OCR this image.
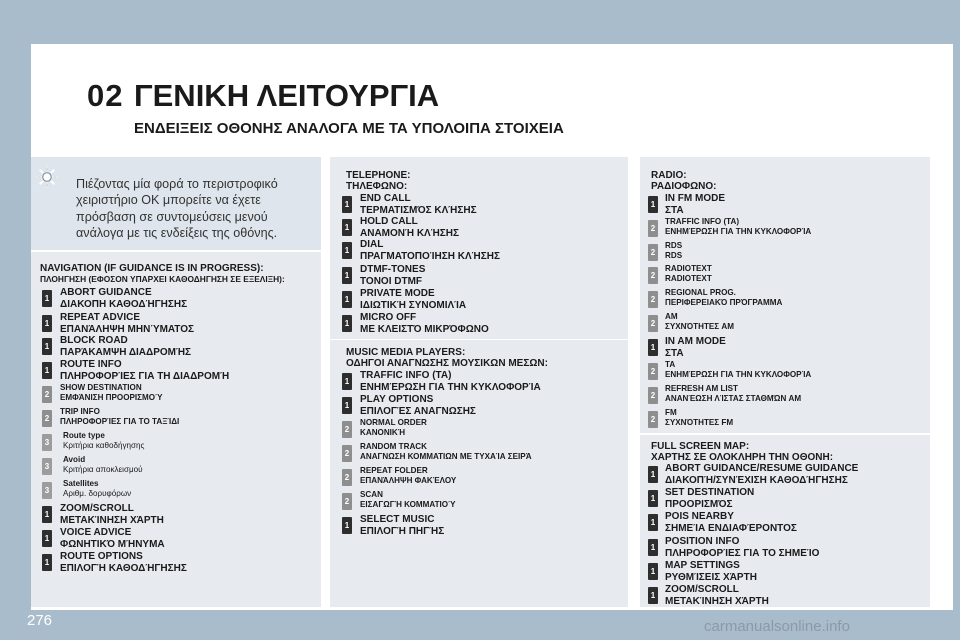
02 ΓΕΝΙΚΗ ΛΕΙΤΟΥΡΓΙΑ
ΕΝΔΕΙΞΕΙΣ ΟΘΟΝΗΣ ΑΝΑΛΟΓΑ ΜΕ ΤΑ ΥΠΟΛΟΙΠΑ ΣΤΟΙΧΕΙΑ
Πιέζοντας μία φορά το περιστροφικό
χειριστήριο OK μπορείτε να έχετε
πρόσβαση σε συντομεύσεις μενού
ανάλογα με τις ενδείξεις της οθόνης.
NAVIGATION (IF GUIDANCE IS IN PROGRESS):
ΠΛΟΗΓΗΣΗ (ΕΦΟΣΟΝ ΥΠΑΡΧΕΙ ΚΑΘΟΔΗΓΗΣΗ ΣΕ ΕΞΕΛΙΞΗ):
TELEPHONE:
ΤΗΛΕΦΩΝΟ:
MUSIC MEDIA PLAYERS:
ΟΔΗΓΟΙ ΑΝΑΓΝΩΣΗΣ ΜΟΥΣΙΚΩΝ ΜΕΣΩΝ:
RADIO:
ΡΑΔΙΟΦΩΝΟ:
FULL SCREEN MAP:
ΧΑΡΤΗΣ ΣΕ ΟΛΟΚΛΗΡΗ ΤΗΝ ΟΘΟΝΗ:
1
ABORT GUIDANCE
ΔΙΑΚΟΠΗ ΚΑΘΟΔΉΓΗΣΗΣ
1
REPEAT ADVICE
ΕΠΑΝΆΛΗΨΗ ΜΗΝΎΜΑΤΟΣ
1
BLOCK ROAD
ΠΑΡΆΚΑΜΨΗ ΔΙΑΔΡΟΜΉΣ
1
ROUTE INFO
ΠΛΗΡΟΦΟΡΊΕΣ ΓΙΑ ΤΗ ΔΙΑΔΡΟΜΉ
2
SHOW DESTINATION
ΕΜΦΆΝΙΣΗ ΠΡΟΟΡΙΣΜΟΎ
2
TRIP INFO
ΠΛΗΡΟΦΟΡΊΕΣ ΓΙΑ ΤΟ ΤΑΞΊΔΙ
3
Route type
Κριτήρια καθοδήγησης
3
Avoid
Κριτήρια αποκλεισμού
3
Satellites
Αριθμ. δορυφόρων
1
ZOOM/SCROLL
ΜΕΤΑΚΊΝΗΣΗ ΧΆΡΤΗ
1
VOICE ADVICE
ΦΩΝΗΤΙΚΌ ΜΉΝΥΜΑ
1
ROUTE OPTIONS
ΕΠΙΛΟΓΉ ΚΑΘΟΔΉΓΗΣΗΣ
1
END CALL
ΤΕΡΜΑΤΙΣΜΌΣ ΚΛΉΣΗΣ
1
HOLD CALL
ΑΝΑΜΟΝΉ ΚΛΉΣΗΣ
1
DIAL
ΠΡΑΓΜΑΤΟΠΟΊΗΣΗ ΚΛΉΣΗΣ
1
DTMF-TONES
ΤΟΝΟΙ DTMF
1
PRIVATE MODE
ΙΔΙΩΤΙΚΉ ΣΥΝΟΜΙΛΊΑ
1
MICRO OFF
ΜΕ ΚΛΕΙΣΤΌ ΜΙΚΡΌΦΩΝΟ
1
TRAFFIC INFO (TA)
ΕΝΗΜΈΡΩΣΗ ΓΙΑ ΤΗΝ ΚΥΚΛΟΦΟΡΊΑ
1
PLAY OPTIONS
ΕΠΙΛΟΓΈΣ ΑΝΑΓΝΩΣΗΣ
2
NORMAL ORDER
ΚΑΝΟΝΙΚΉ
2
RANDOM TRACK
ΑΝΑΓΝΩΣΗ ΚΟΜΜΑΤΙΩΝ ΜΕ ΤΥΧΑΊΑ ΣΕΙΡΆ
2
REPEAT FOLDER
ΕΠΑΝΆΛΗΨΗ ΦΑΚΈΛΟΥ
2
SCAN
ΕΙΣΑΓΩΓΉ ΚΟΜΜΑΤΙΟΎ
1
SELECT MUSIC
ΕΠΙΛΟΓΉ ΠΗΓΉΣ
1
IN FM MODE
ΣΤΑ
2
TRAFFIC INFO (TA)
ΕΝΗΜΈΡΩΣΗ ΓΙΑ ΤΗΝ ΚΥΚΛΟΦΟΡΊΑ
2
RDS
RDS
2
RADIOTEXT
RADIOTEXT
2
REGIONAL PROG.
ΠΕΡΙΦΕΡΕΙΑΚΌ ΠΡΌΓΡΑΜΜΑ
2
AM
ΣΥΧΝΌΤΗΤΕΣ AM
1
IN AM MODE
ΣΤΑ
2
TA
ΕΝΗΜΈΡΩΣΗ ΓΙΑ ΤΗΝ ΚΥΚΛΟΦΟΡΊΑ
2
REFRESH AM LIST
ΑΝΑΝΈΩΣΗ ΛΊΣΤΑΣ ΣΤΑΘΜΏΝ AM
2
FM
ΣΥΧΝΌΤΗΤΕΣ FM
1
ABORT GUIDANCE/RESUME GUIDANCE
ΔΙΑΚΟΠΉ/ΣΥΝΈΧΙΣΗ ΚΑΘΟΔΉΓΗΣΗΣ
1
SET DESTINATION
ΠΡΟΟΡΙΣΜΌΣ
1
POIS NEARBY
ΣΗΜΕΊΑ ΕΝΔΙΑΦΈΡΟΝΤΟΣ
1
POSITION INFO
ΠΛΗΡΟΦΟΡΊΕΣ ΓΙΑ ΤΟ ΣΗΜΕΊΟ
1
MAP SETTINGS
ΡΥΘΜΊΣΕΙΣ ΧΆΡΤΗ
1
ZOOM/SCROLL
ΜΕΤΑΚΊΝΗΣΗ ΧΆΡΤΗ
276	carmanualsonline.info
